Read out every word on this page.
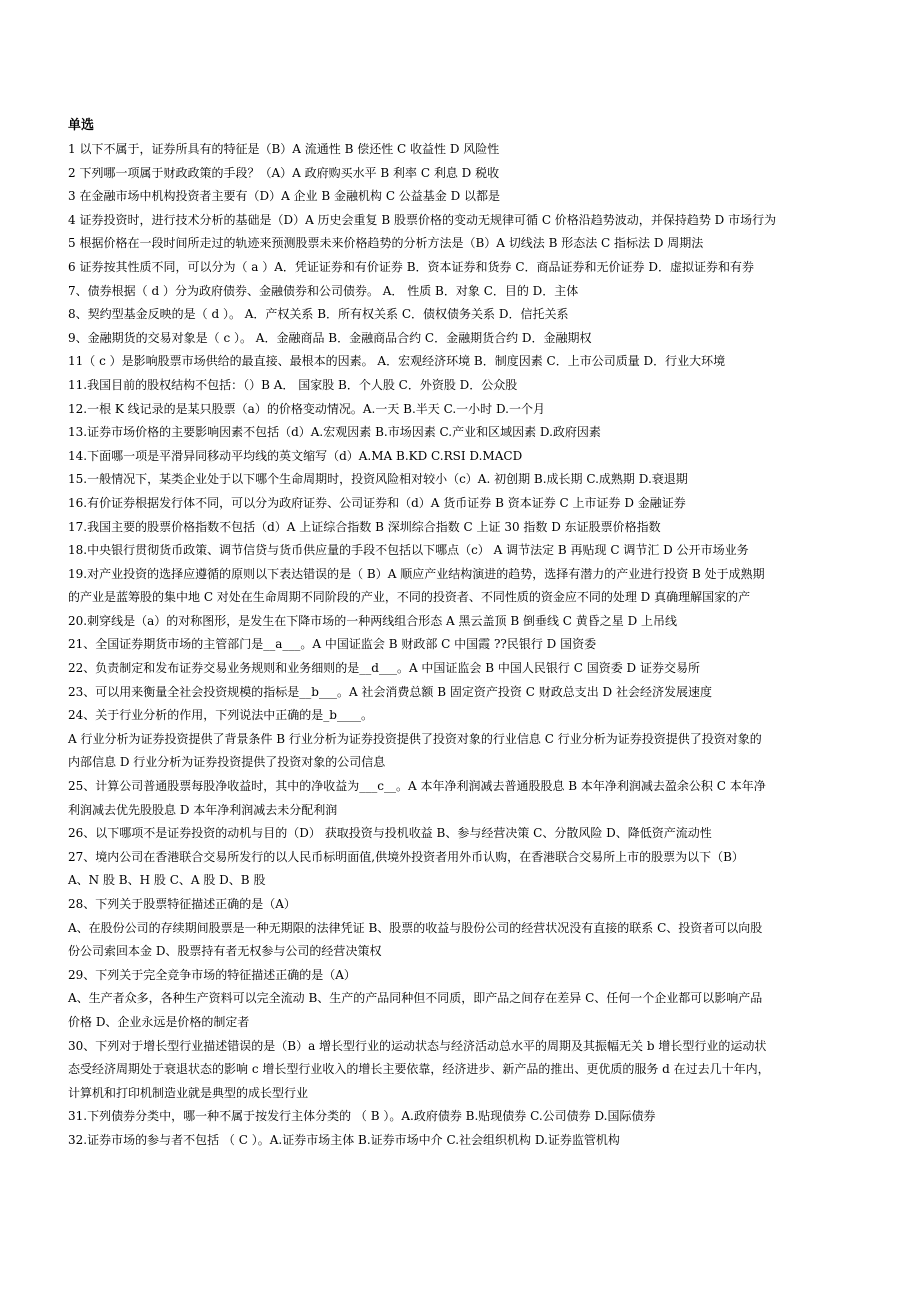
单选

1 以下不属于，证券所具有的特征是（B）A 流通性 B 偿还性 C 收益性 D 风险性

2 下列哪一项属于财政政策的手段？（A）A 政府购买水平 B 利率 C 利息 D 税收

3 在金融市场中机构投资者主要有（D）A 企业 B 金融机构 C 公益基金 D 以都是

4 证券投资时，进行技术分析的基础是（D）A 历史会重复 B 股票价格的变动无规律可循 C 价格沿趋势波动，并保持趋势 D 市场行为

5 根据价格在一段时间所走过的轨迹来预测股票未来价格趋势的分析方法是（B）A 切线法 B 形态法 C 指标法 D 周期法

6 证券按其性质不同，可以分为（ a ）A．凭证证券和有价证券 B．资本证券和货券 C．商品证券和无价证券 D．虚拟证券和有券

7、债券根据（ d ）分为政府债券、金融债券和公司债券。 A． 性质 B．对象 C．目的 D．主体

8、契约型基金反映的是（ d ）。 A．产权关系 B．所有权关系 C．债权债务关系 D．信托关系

9、金融期货的交易对象是（ c ）。 A．金融商品 B．金融商品合约 C．金融期货合约 D．金融期权

11（ c ）是影响股票市场供给的最直接、最根本的因素。 A．宏观经济环境 B．制度因素 C．上市公司质量 D．行业大环境

11.我国目前的股权结构不包括：（）B A． 国家股 B．个人股 C．外资股 D．公众股

12.一根 K 线记录的是某只股票（a）的价格变动情况。A.一天 B.半天 C.一小时 D.一个月

13.证券市场价格的主要影响因素不包括（d）A.宏观因素 B.市场因素 C.产业和区域因素 D.政府因素

14.下面哪一项是平滑异同移动平均线的英文缩写（d）A.MA B.KD C.RSI D.MACD

15.一般情况下，某类企业处于以下哪个生命周期时，投资风险相对较小（c）A. 初创期 B.成长期 C.成熟期 D.衰退期

16.有价证券根据发行体不同，可以分为政府证券、公司证券和（d）A 货币证券 B 资本证券 C 上市证券 D 金融证券

17.我国主要的股票价格指数不包括（d）A 上证综合指数 B 深圳综合指数 C 上证 30 指数 D 东证股票价格指数

18.中央银行贯彻货币政策、调节信贷与货币供应量的手段不包括以下哪点（c） A 调节法定 B 再贴现 C 调节汇 D 公开市场业务

19.对产业投资的选择应遵循的原则以下表达错误的是（ B）A 顺应产业结构演进的趋势，选择有潜力的产业进行投资 B 处于成熟期

的产业是蓝筹股的集中地 C 对处在生命周期不同阶段的产业，不同的投资者、不同性质的资金应不同的处理 D 真确理解国家的产

20.刺穿线是（a）的对称图形，是发生在下降市场的一种两线组合形态 A 黑云盖顶 B 倒垂线 C 黄昏之星 D 上吊线

21、全国证券期货市场的主管部门是__a___。A 中国证监会 B 财政部 C 中国霞 ??民银行 D 国资委

22、负责制定和发布证券交易业务规则和业务细则的是__d___。A 中国证监会 B 中国人民银行 C 国资委 D 证券交易所

23、可以用来衡量全社会投资规模的指标是__b___。A 社会消费总额 B 固定资产投资 C 财政总支出 D 社会经济发展速度

24、关于行业分析的作用，下列说法中正确的是_b____。

A 行业分析为证券投资提供了背景条件 B 行业分析为证券投资提供了投资对象的行业信息 C 行业分析为证券投资提供了投资对象的

内部信息 D 行业分析为证券投资提供了投资对象的公司信息

25、计算公司普通股票每股净收益时，其中的净收益为___c__。A 本年净利润减去普通股股息 B 本年净利润减去盈余公积 C 本年净

利润减去优先股股息 D 本年净利润减去未分配利润

26、以下哪项不是证券投资的动机与目的（D） 获取投资与投机收益 B、参与经营决策 C、分散风险 D、降低资产流动性

27、境内公司在香港联合交易所发行的以人民币标明面值,供境外投资者用外币认购，在香港联合交易所上市的股票为以下（B）

A、N 股 B、H 股 C、A 股 D、B 股

28、下列关于股票特征描述正确的是（A）

A、在股份公司的存续期间股票是一种无期限的法律凭证 B、股票的收益与股份公司的经营状况没有直接的联系 C、投资者可以向股

份公司索回本金 D、股票持有者无权参与公司的经营决策权

29、下列关于完全竞争市场的特征描述正确的是（A）

A、生产者众多，各种生产资料可以完全流动 B、生产的产品同种但不同质，即产品之间存在差异 C、任何一个企业都可以影响产品

价格 D、企业永远是价格的制定者

30、下列对于增长型行业描述错误的是（B）a 增长型行业的运动状态与经济活动总水平的周期及其振幅无关 b 增长型行业的运动状

态受经济周期处于衰退状态的影响 c 增长型行业收入的增长主要依靠，经济进步、新产品的推出、更优质的服务 d 在过去几十年内，

计算机和打印机制造业就是典型的成长型行业

31.下列债券分类中，哪一种不属于按发行主体分类的 （ B ）。A.政府债券 B.贴现债券 C.公司债券 D.国际债券

32.证券市场的参与者不包括 （ C ）。A.证券市场主体 B.证券市场中介 C.社会组织机构 D.证券监管机构
